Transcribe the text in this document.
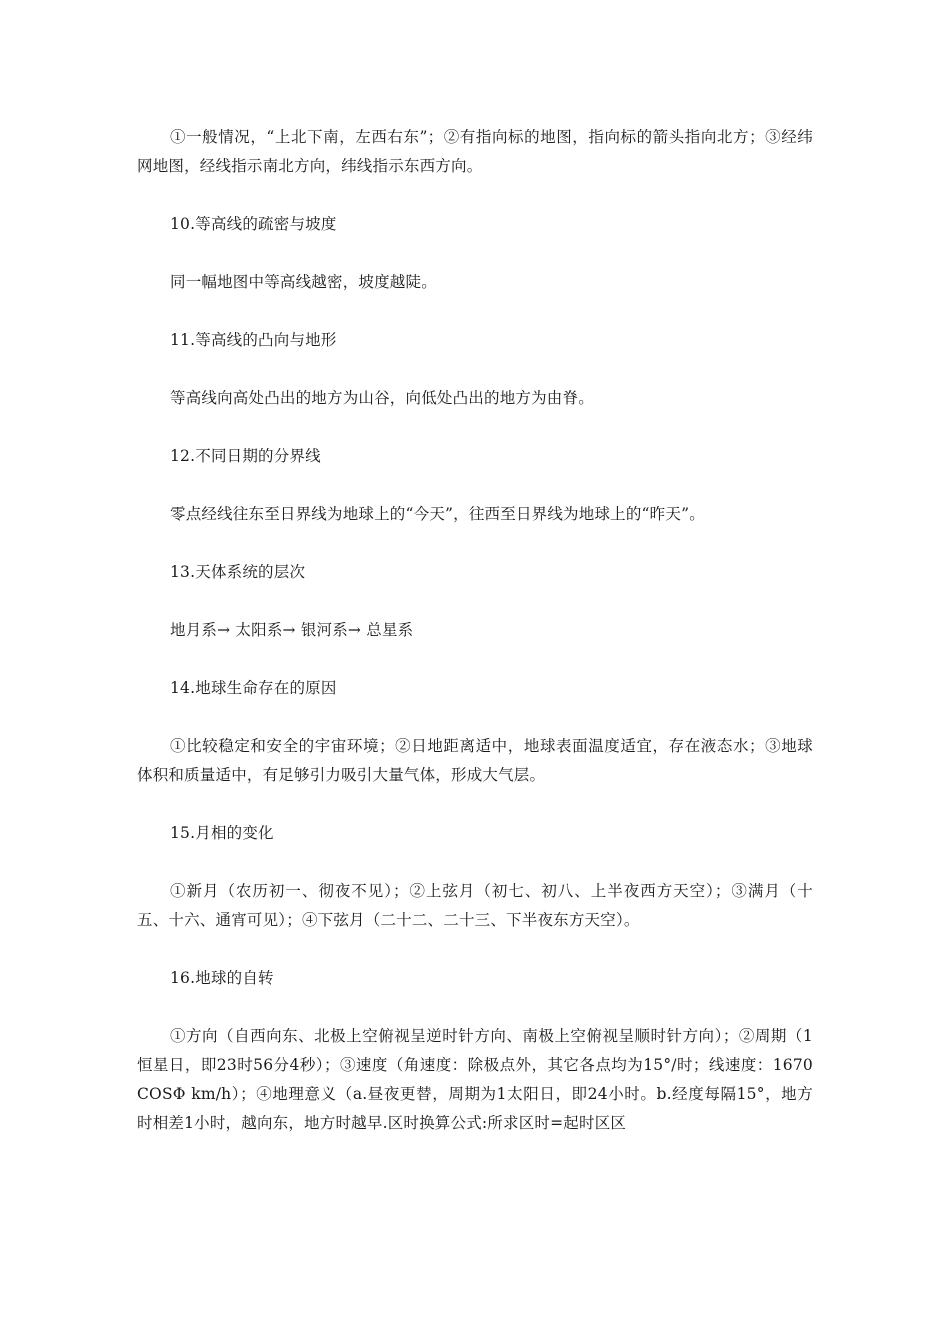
①一般情况，“上北下南，左西右东”；②有指向标的地图，指向标的箭头指向北方；③经纬网地图，经线指示南北方向，纬线指示东西方向。

10.等高线的疏密与坡度

同一幅地图中等高线越密，坡度越陡。

11.等高线的凸向与地形

等高线向高处凸出的地方为山谷，向低处凸出的地方为由脊。

12.不同日期的分界线

零点经线往东至日界线为地球上的“今天”，往西至日界线为地球上的“昨天”。

13.天体系统的层次

地月系→ 太阳系→ 银河系→ 总星系

14.地球生命存在的原因

①比较稳定和安全的宇宙环境；②日地距离适中，地球表面温度适宜，存在液态水；③地球体积和质量适中，有足够引力吸引大量气体，形成大气层。

15.月相的变化

①新月（农历初一、彻夜不见）；②上弦月（初七、初八、上半夜西方天空）；③满月（十五、十六、通宵可见）；④下弦月（二十二、二十三、下半夜东方天空）。

16.地球的自转

①方向（自西向东、北极上空俯视呈逆时针方向、南极上空俯视呈顺时针方向）；②周期（1恒星日，即23时56分4秒）；③速度（角速度：除极点外，其它各点均为15°/时；线速度：1670COSΦ km/h）；④地理意义（a.昼夜更替，周期为1太阳日，即24小时。b.经度每隔15°，地方时相差1小时，越向东，地方时越早.区时换算公式:所求区时=起时区区
